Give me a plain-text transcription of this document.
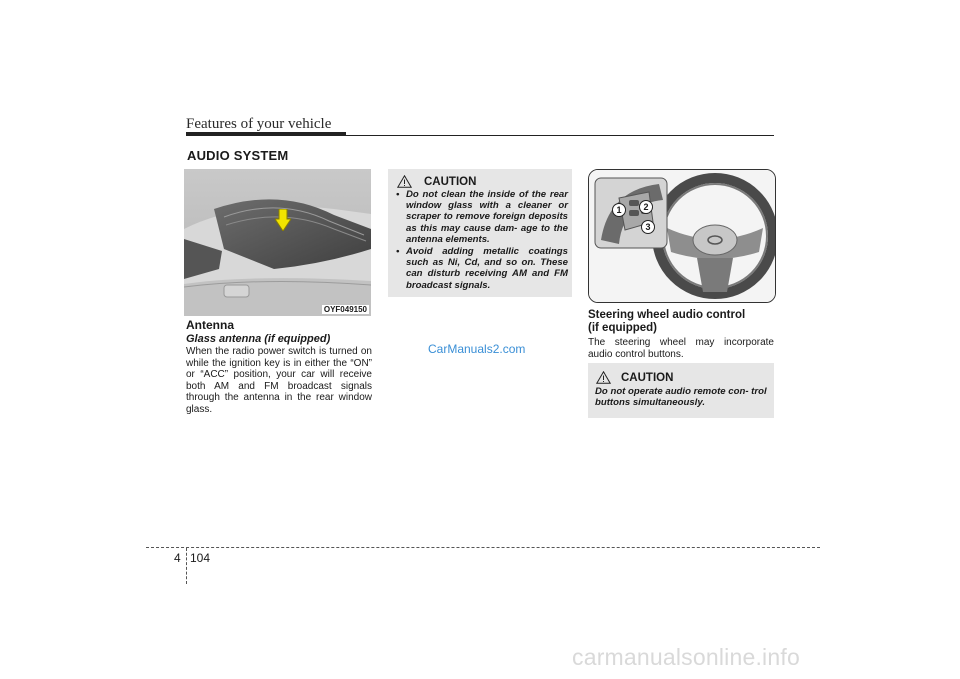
Features of your vehicle
AUDIO SYSTEM
OYF049150
Antenna
Glass antenna (if equipped)
When the radio power switch is turned on while the ignition key is in either the “ON” or “ACC” position, your car will receive both AM and FM broadcast signals through the antenna in the rear window glass.
CAUTION
• Do not clean the inside of the rear window glass with a cleaner or scraper to remove foreign deposits as this may cause dam- age to the antenna elements.
• Avoid adding metallic coatings such as Ni, Cd, and so on. These can disturb receiving AM and FM broadcast signals.
CarManuals2.com
1	2
3
Steering wheel audio control
(if equipped)
The steering wheel may incorporate audio control buttons.
CAUTION
Do not operate audio remote con- trol buttons simultaneously.
4 104
carmanualsonline.info
